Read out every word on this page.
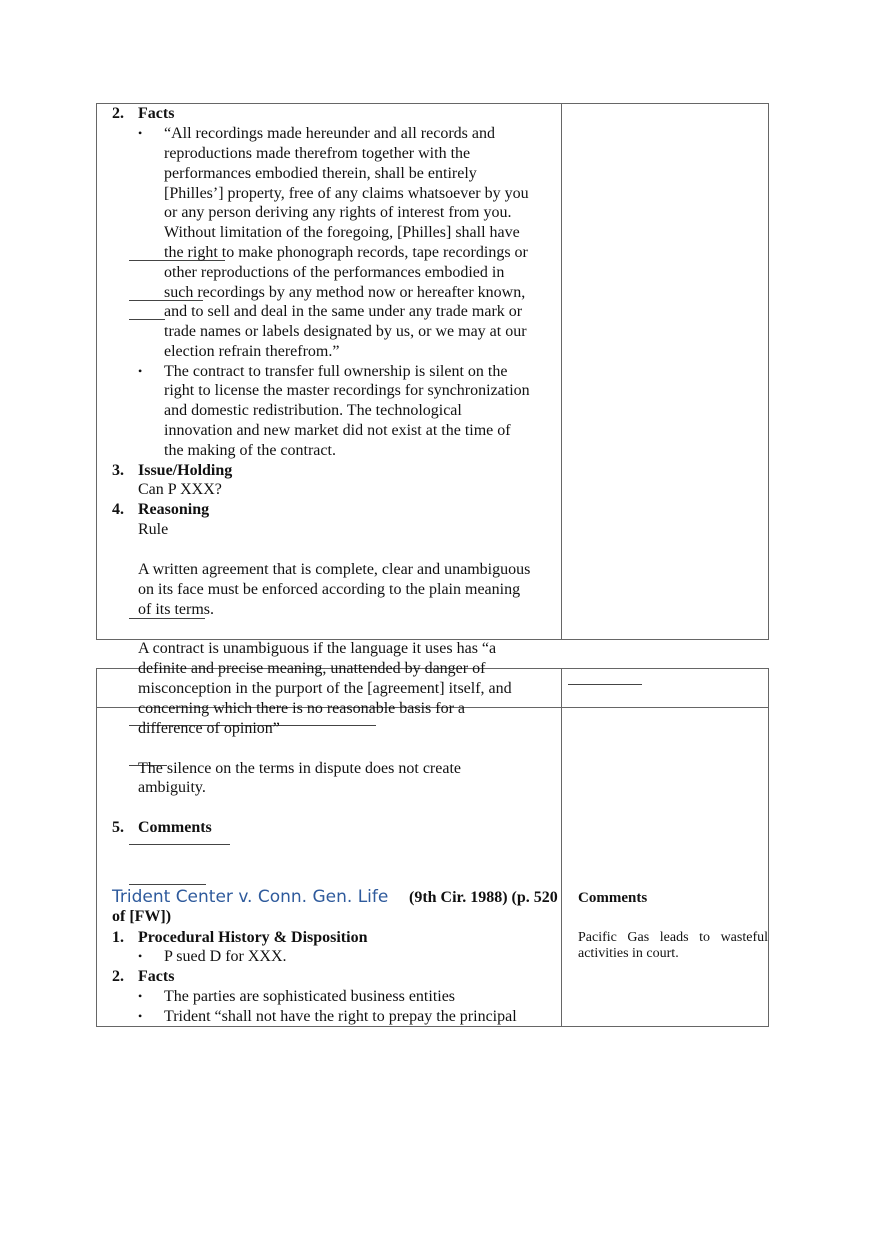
2. Facts
• “All recordings made hereunder and all records and
reproductions made therefrom together with the
performances embodied therein, shall be entirely
[Philles’] property, free of any claims whatsoever by you
or any person deriving any rights of interest from you.
Without limitation of the foregoing, [Philles] shall have
the right to make phonograph records, tape recordings or
other reproductions of the performances embodied in
such recordings by any method now or hereafter known,
and to sell and deal in the same under any trade mark or
trade names or labels designated by us, or we may at our
election refrain therefrom.”
• The contract to transfer full ownership is silent on the
right to license the master recordings for synchronization
and domestic redistribution. The technological
innovation and new market did not exist at the time of
the making of the contract.
3. Issue/Holding
Can P XXX?
4. Reasoning
Rule
A written agreement that is complete, clear and unambiguous
on its face must be enforced according to the plain meaning
of its terms.
A contract is unambiguous if the language it uses has “a
definite and precise meaning, unattended by danger of
misconception in the purport of the [agreement] itself, and
concerning which there is no reasonable basis for a
difference of opinion”
The silence on the terms in dispute does not create
ambiguity.
5. Comments
Trident Center v. Conn. Gen. Life (9th Cir. 1988) (p. 520
of [FW])
1. Procedural History & Disposition
• P sued D for XXX.
2. Facts
• The parties are sophisticated business entities
• Trident “shall not have the right to prepay the principal
Comments
Pacific Gas leads to wasteful activities in court.
